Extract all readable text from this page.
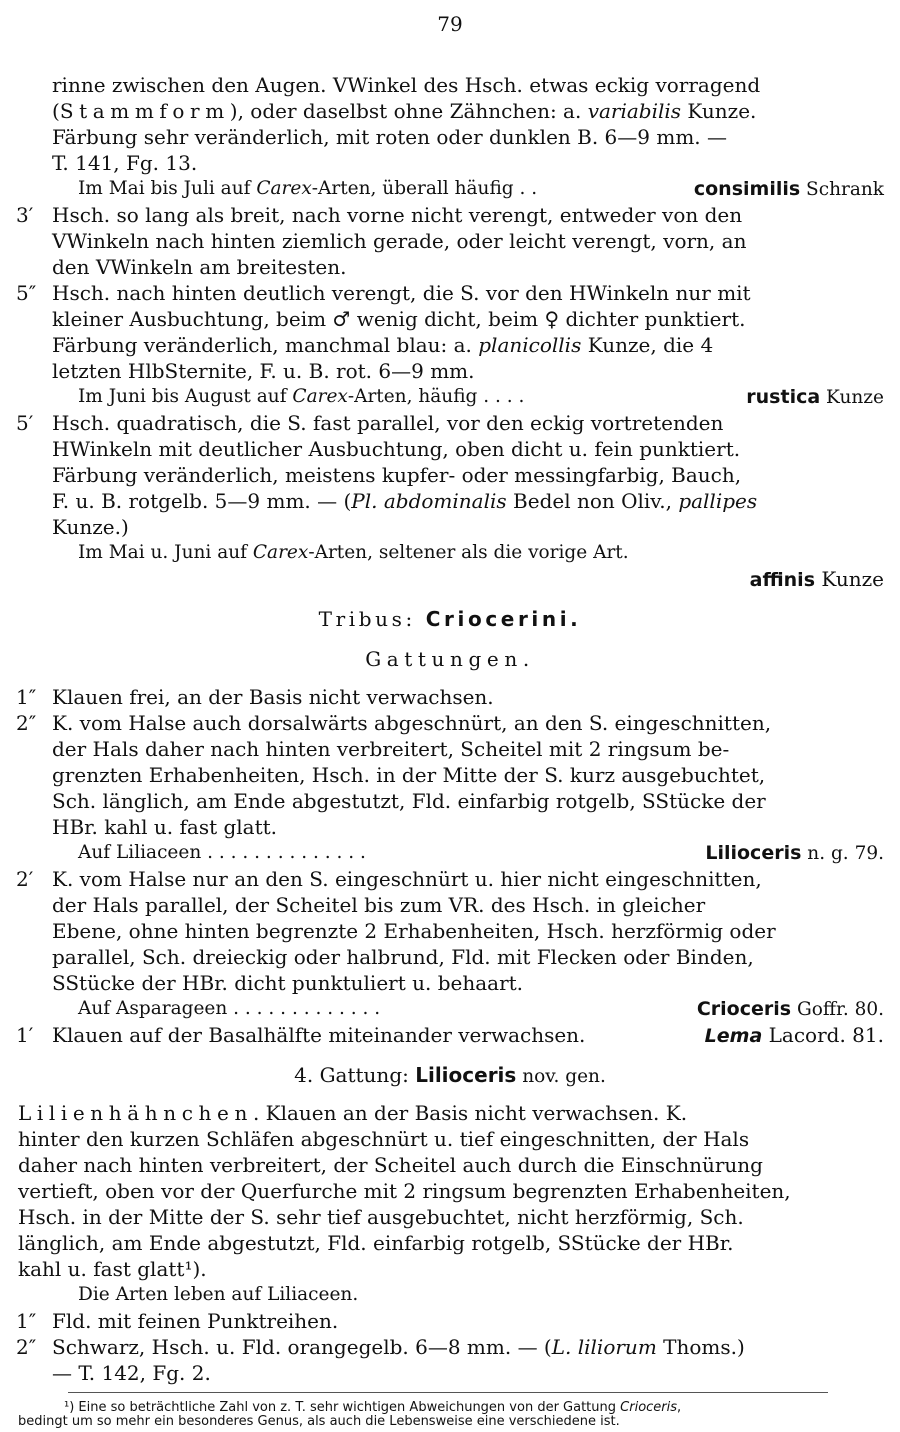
79
rinne zwischen den Augen. VWinkel des Hsch. etwas eckig vorragend
(Stammform), oder daselbst ohne Zähnchen: a. variabilis Kunze.
Färbung sehr veränderlich, mit roten oder dunklen B. 6—9 mm. —
T. 141, Fg. 13.
Im Mai bis Juli auf Carex-Arten, überall häufig . .	consimilis Schrank
3′ Hsch. so lang als breit, nach vorne nicht verengt, entweder von den
VWinkeln nach hinten ziemlich gerade, oder leicht verengt, vorn, an
den VWinkeln am breitesten.
5″ Hsch. nach hinten deutlich verengt, die S. vor den HWinkeln nur mit
kleiner Ausbuchtung, beim ♂ wenig dicht, beim ♀ dichter punktiert.
Färbung veränderlich, manchmal blau: a. planicollis Kunze, die 4
letzten HlbSternite, F. u. B. rot. 6—9 mm.
Im Juni bis August auf Carex-Arten, häufig . . . .	rustica Kunze
5′ Hsch. quadratisch, die S. fast parallel, vor den eckig vortretenden
HWinkeln mit deutlicher Ausbuchtung, oben dicht u. fein punktiert.
Färbung veränderlich, meistens kupfer- oder messingfarbig, Bauch,
F. u. B. rotgelb. 5—9 mm. — (Pl. abdominalis Bedel non Oliv., pallipes
Kunze.)
Im Mai u. Juni auf Carex-Arten, seltener als die vorige Art.
affinis Kunze
Tribus: Criocerini.
Gattungen.
1″ Klauen frei, an der Basis nicht verwachsen.
2″ K. vom Halse auch dorsalwärts abgeschnürt, an den S. eingeschnitten,
der Hals daher nach hinten verbreitert, Scheitel mit 2 ringsum be-
grenzten Erhabenheiten, Hsch. in der Mitte der S. kurz ausgebuchtet,
Sch. länglich, am Ende abgestutzt, Fld. einfarbig rotgelb, SStücke der
HBr. kahl u. fast glatt.
Auf Liliaceen . . . . . . . . . . . . . .	Lilioceris n. g. 79.
2′ K. vom Halse nur an den S. eingeschnürt u. hier nicht eingeschnitten,
der Hals parallel, der Scheitel bis zum VR. des Hsch. in gleicher
Ebene, ohne hinten begrenzte 2 Erhabenheiten, Hsch. herzförmig oder
parallel, Sch. dreieckig oder halbrund, Fld. mit Flecken oder Binden,
SStücke der HBr. dicht punktuliert u. behaart.
Auf Asparageen . . . . . . . . . . . . .	Crioceris Goffr. 80.
1′ Klauen auf der Basalhälfte miteinander verwachsen.	Lema Lacord. 81.
4. Gattung: Lilioceris nov. gen.
Lilienhähnchen. Klauen an der Basis nicht verwachsen. K.
hinter den kurzen Schläfen abgeschnürt u. tief eingeschnitten, der Hals
daher nach hinten verbreitert, der Scheitel auch durch die Einschnürung
vertieft, oben vor der Querfurche mit 2 ringsum begrenzten Erhabenheiten,
Hsch. in der Mitte der S. sehr tief ausgebuchtet, nicht herzförmig, Sch.
länglich, am Ende abgestutzt, Fld. einfarbig rotgelb, SStücke der HBr.
kahl u. fast glatt¹).
Die Arten leben auf Liliaceen.
1″ Fld. mit feinen Punktreihen.
2″ Schwarz, Hsch. u. Fld. orangegelb. 6—8 mm. — (L. liliorum Thoms.)
— T. 142, Fg. 2.
¹) Eine so beträchtliche Zahl von z. T. sehr wichtigen Abweichungen von der Gattung Crioceris,
bedingt um so mehr ein besonderes Genus, als auch die Lebensweise eine verschiedene ist.
